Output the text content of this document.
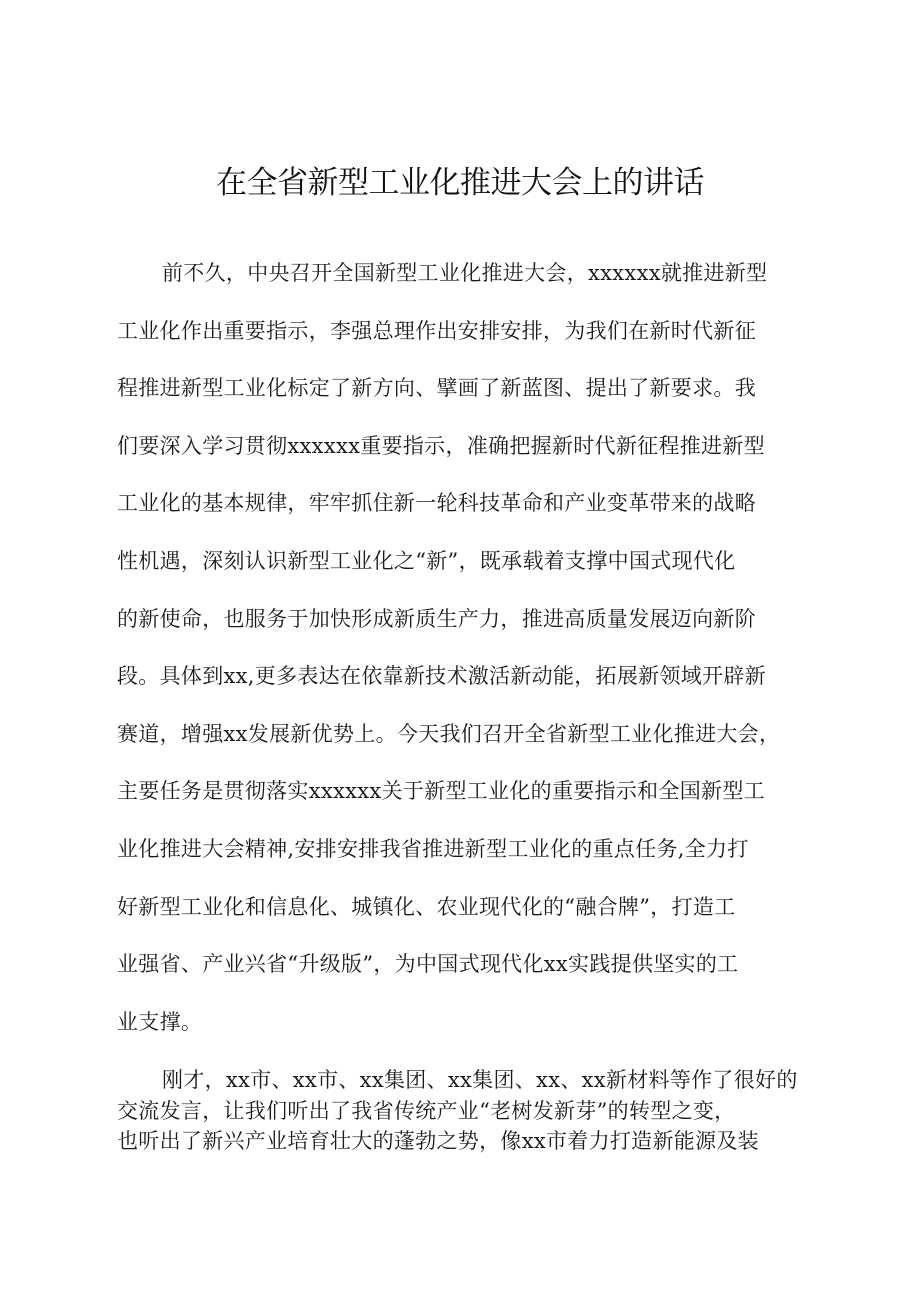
在全省新型工业化推进大会上的讲话
前不久，中央召开全国新型工业化推进大会，xxxxxx就推进新型
工业化作出重要指示，李强总理作出安排安排，为我们在新时代新征
程推进新型工业化标定了新方向、擘画了新蓝图、提出了新要求。我
们要深入学习贯彻xxxxxx重要指示，准确把握新时代新征程推进新型
工业化的基本规律，牢牢抓住新一轮科技革命和产业变革带来的战略
性机遇，深刻认识新型工业化之“新”，既承载着支撑中国式现代化
的新使命，也服务于加快形成新质生产力，推进高质量发展迈向新阶
段。具体到xx,更多表达在依靠新技术激活新动能，拓展新领域开辟新
赛道，增强xx发展新优势上。今天我们召开全省新型工业化推进大会，
主要任务是贯彻落实xxxxxx关于新型工业化的重要指示和全国新型工
业化推进大会精神,安排安排我省推进新型工业化的重点任务,全力打
好新型工业化和信息化、城镇化、农业现代化的“融合牌”，打造工
业强省、产业兴省“升级版”，为中国式现代化xx实践提供坚实的工
业支撑。
刚才，xx市、xx市、xx集团、xx集团、xx、xx新材料等作了很好的
交流发言，让我们听出了我省传统产业“老树发新芽”的转型之变，
也听出了新兴产业培育壮大的蓬勃之势，像xx市着力打造新能源及装
